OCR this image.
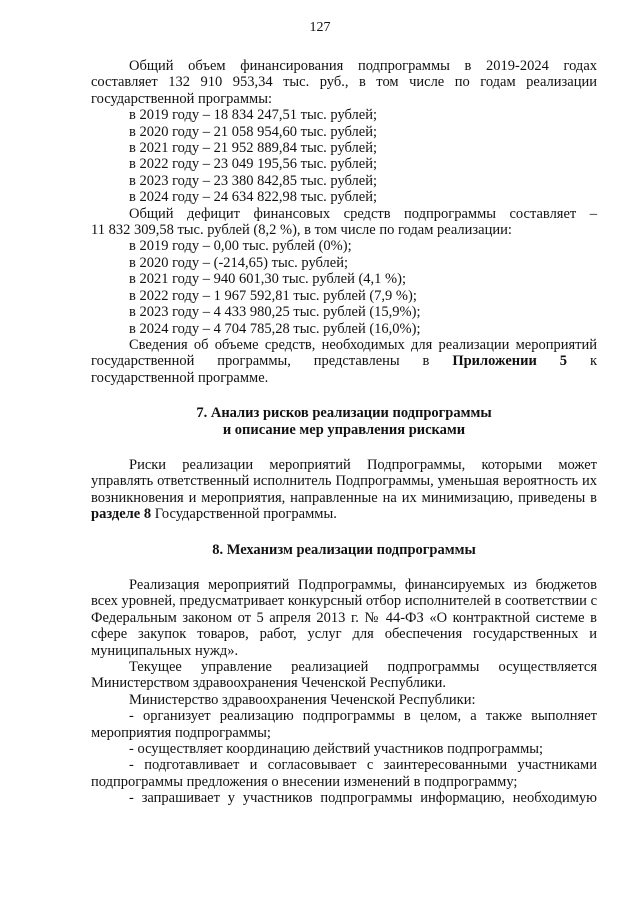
127

Общий объем финансирования подпрограммы в 2019-2024 годах

составляет 132 910 953,34 тыс. руб., в том числе по годам реализации

государственной программы:

в 2019 году – 18 834 247,51 тыс. рублей;

в 2020 году – 21 058 954,60 тыс. рублей;

в 2021 году – 21 952 889,84 тыс. рублей;

в 2022 году – 23 049 195,56 тыс. рублей;

в 2023 году – 23 380 842,85 тыс. рублей;

в 2024 году – 24 634 822,98 тыс. рублей;

Общий дефицит финансовых средств подпрограммы составляет –

11 832 309,58 тыс. рублей (8,2 %), в том числе по годам реализации:

в 2019 году – 0,00 тыс. рублей (0%);

в 2020 году – (-214,65) тыс. рублей;

в 2021 году – 940 601,30 тыс. рублей (4,1 %);

в 2022 году – 1 967 592,81 тыс. рублей (7,9 %);

в 2023 году – 4 433 980,25 тыс. рублей (15,9%);

в 2024 году – 4 704 785,28 тыс. рублей (16,0%);

Сведения об объеме средств, необходимых для реализации мероприятий

государственной программы, представлены в Приложении 5 к

государственной программе.

7. Анализ рисков реализации подпрограммы

и описание мер управления рисками

Риски реализации мероприятий Подпрограммы, которыми может управлять ответственный исполнитель Подпрограммы, уменьшая вероятность их возникновения и мероприятия, направленные на их минимизацию, приведены в разделе 8 Государственной программы.

8. Механизм реализации подпрограммы

Реализация мероприятий Подпрограммы, финансируемых из бюджетов всех уровней, предусматривает конкурсный отбор исполнителей в соответствии с Федеральным законом от 5 апреля 2013 г. № 44-ФЗ «О контрактной системе в сфере закупок товаров, работ, услуг для обеспечения государственных и муниципальных нужд».

Текущее управление реализацией подпрограммы осуществляется Министерством здравоохранения Чеченской Республики.

Министерство здравоохранения Чеченской Республики:

- организует реализацию подпрограммы в целом, а также выполняет мероприятия подпрограммы;

- осуществляет координацию действий участников подпрограммы;

- подготавливает и согласовывает с заинтересованными участниками подпрограммы предложения о внесении изменений в подпрограмму;

- запрашивает у участников подпрограммы информацию, необходимую
